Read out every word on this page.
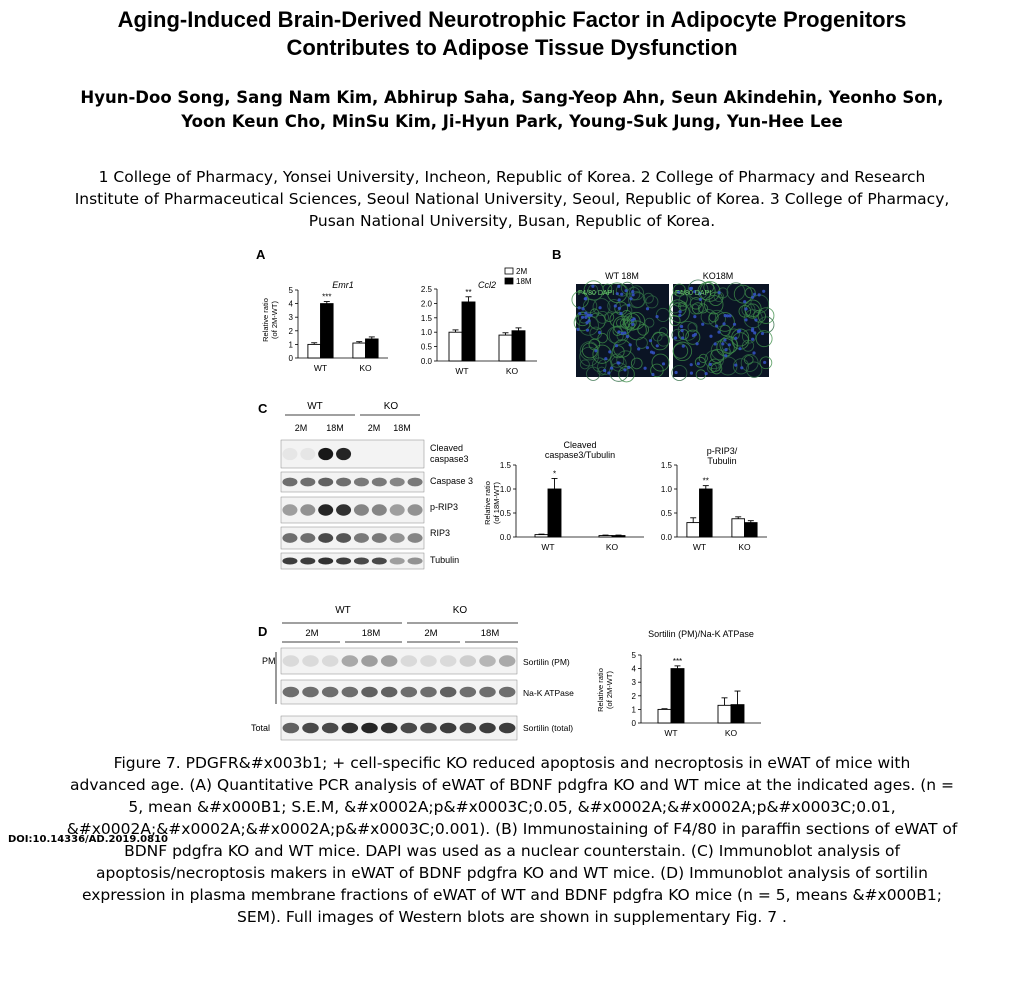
Aging-Induced Brain-Derived Neurotrophic Factor in Adipocyte Progenitors
Contributes to Adipose Tissue Dysfunction
Hyun-Doo Song, Sang Nam Kim, Abhirup Saha, Sang-Yeop Ahn, Seun Akindehin, Yeonho Son,
Yoon Keun Cho, MinSu Kim, Ji-Hyun Park, Young-Suk Jung, Yun-Hee Lee
1 College of Pharmacy, Yonsei University, Incheon, Republic of Korea. 2 College of Pharmacy and Research
Institute of Pharmaceutical Sciences, Seoul National University, Seoul, Republic of Korea. 3 College of Pharmacy,
Pusan National University, Busan, Republic of Korea.
A	B
C
D
Relative ratio (of 2M-WT)
2M
18M
WT 18M	KO18M
F4/80 DAPI	F4/80 DAPI
WT	KO
2M 18M	2M 18M
Cleaved
caspase3
Caspase 3
p-RIP3
RIP3
Tubulin
Relative ratio (of 18M-WT)
WT	KO
2M	18M	2M	18M
PM
Total
Sortilin (PM)
Na-K ATPase
Sortilin (total)
Relative ratio (of 2M-WT)
Emr1
0
1
2
3
4
5
WT
***
KO
Ccl2
0.0
0.5
1.0
1.5
2.0
2.5
WT
**
KO
Cleaved
caspase3/Tubulin
0.0
0.5
1.0
1.5
WT
*
KO
p-RIP3/
Tubulin
0.0
0.5
1.0
1.5
WT
**
KO
Sortilin (PM)/Na-K ATPase
0
1
2
3
4
5
WT
***
KO
DOI:10.14336/AD.2019.0810
Figure 7. PDGFR&#x003b1; + cell-specific KO reduced apoptosis and necroptosis in eWAT of mice with
advanced age. (A) Quantitative PCR analysis of eWAT of BDNF pdgfra KO and WT mice at the indicated ages. (n =
5, mean &#x000B1; S.E.M, &#x0002A;p&#x0003C;0.05, &#x0002A;&#x0002A;p&#x0003C;0.01,
&#x0002A;&#x0002A;&#x0002A;p&#x0003C;0.001). (B) Immunostaining of F4/80 in paraffin sections of eWAT of
BDNF pdgfra KO and WT mice. DAPI was used as a nuclear counterstain. (C) Immunoblot analysis of
apoptosis/necroptosis makers in eWAT of BDNF pdgfra KO and WT mice. (D) Immunoblot analysis of sortilin
expression in plasma membrane fractions of eWAT of WT and BDNF pdgfra KO mice (n = 5, means &#x000B1;
SEM). Full images of Western blots are shown in supplementary Fig. 7 .
